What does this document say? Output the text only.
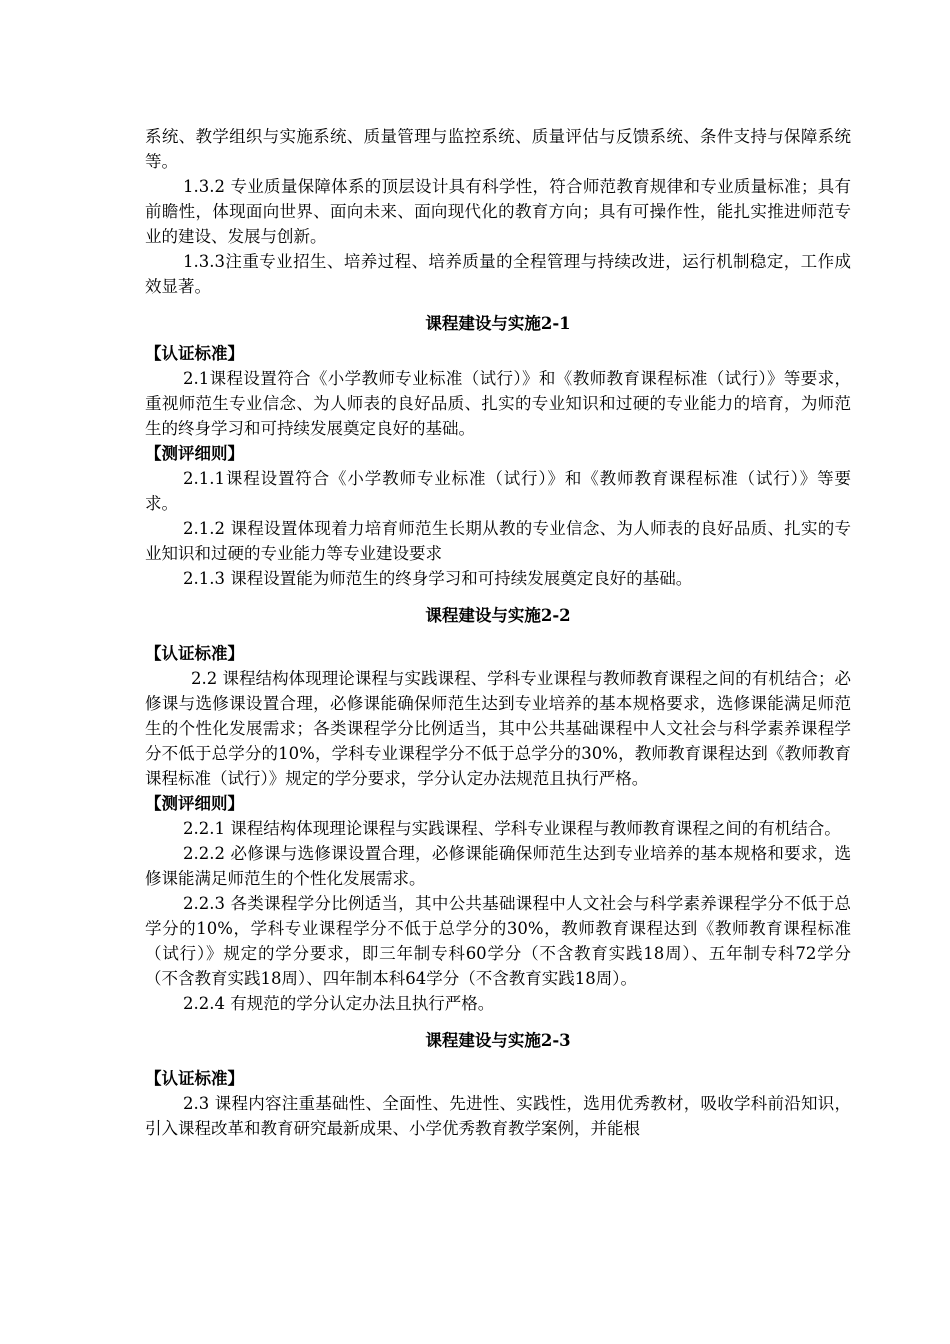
系统、教学组织与实施系统、质量管理与监控系统、质量评估与反馈系统、条件支持与保障系统等。

1.3.2 专业质量保障体系的顶层设计具有科学性，符合师范教育规律和专业质量标准；具有前瞻性，体现面向世界、面向未来、面向现代化的教育方向；具有可操作性，能扎实推进师范专业的建设、发展与创新。

1.3.3注重专业招生、培养过程、培养质量的全程管理与持续改进，运行机制稳定，工作成效显著。

课程建设与实施2-1

【认证标准】

2.1课程设置符合《小学教师专业标准（试行）》和《教师教育课程标准（试行）》等要求，重视师范生专业信念、为人师表的良好品质、扎实的专业知识和过硬的专业能力的培育，为师范生的终身学习和可持续发展奠定良好的基础。

【测评细则】

2.1.1课程设置符合《小学教师专业标准（试行）》和《教师教育课程标准（试行）》等要求。

2.1.2 课程设置体现着力培育师范生长期从教的专业信念、为人师表的良好品质、扎实的专业知识和过硬的专业能力等专业建设要求

2.1.3 课程设置能为师范生的终身学习和可持续发展奠定良好的基础。

课程建设与实施2-2

【认证标准】

2.2 课程结构体现理论课程与实践课程、学科专业课程与教师教育课程之间的有机结合；必修课与选修课设置合理，必修课能确保师范生达到专业培养的基本规格要求，选修课能满足师范生的个性化发展需求；各类课程学分比例适当，其中公共基础课程中人文社会与科学素养课程学分不低于总学分的10%，学科专业课程学分不低于总学分的30%，教师教育课程达到《教师教育课程标准（试行）》规定的学分要求，学分认定办法规范且执行严格。

【测评细则】

2.2.1 课程结构体现理论课程与实践课程、学科专业课程与教师教育课程之间的有机结合。

2.2.2 必修课与选修课设置合理，必修课能确保师范生达到专业培养的基本规格和要求，选修课能满足师范生的个性化发展需求。

2.2.3 各类课程学分比例适当，其中公共基础课程中人文社会与科学素养课程学分不低于总学分的10%，学科专业课程学分不低于总学分的30%，教师教育课程达到《教师教育课程标准（试行）》规定的学分要求，即三年制专科60学分（不含教育实践18周）、五年制专科72学分（不含教育实践18周）、四年制本科64学分（不含教育实践18周）。

2.2.4 有规范的学分认定办法且执行严格。

课程建设与实施2-3

【认证标准】

2.3 课程内容注重基础性、全面性、先进性、实践性，选用优秀教材，吸收学科前沿知识，引入课程改革和教育研究最新成果、小学优秀教育教学案例，并能根
